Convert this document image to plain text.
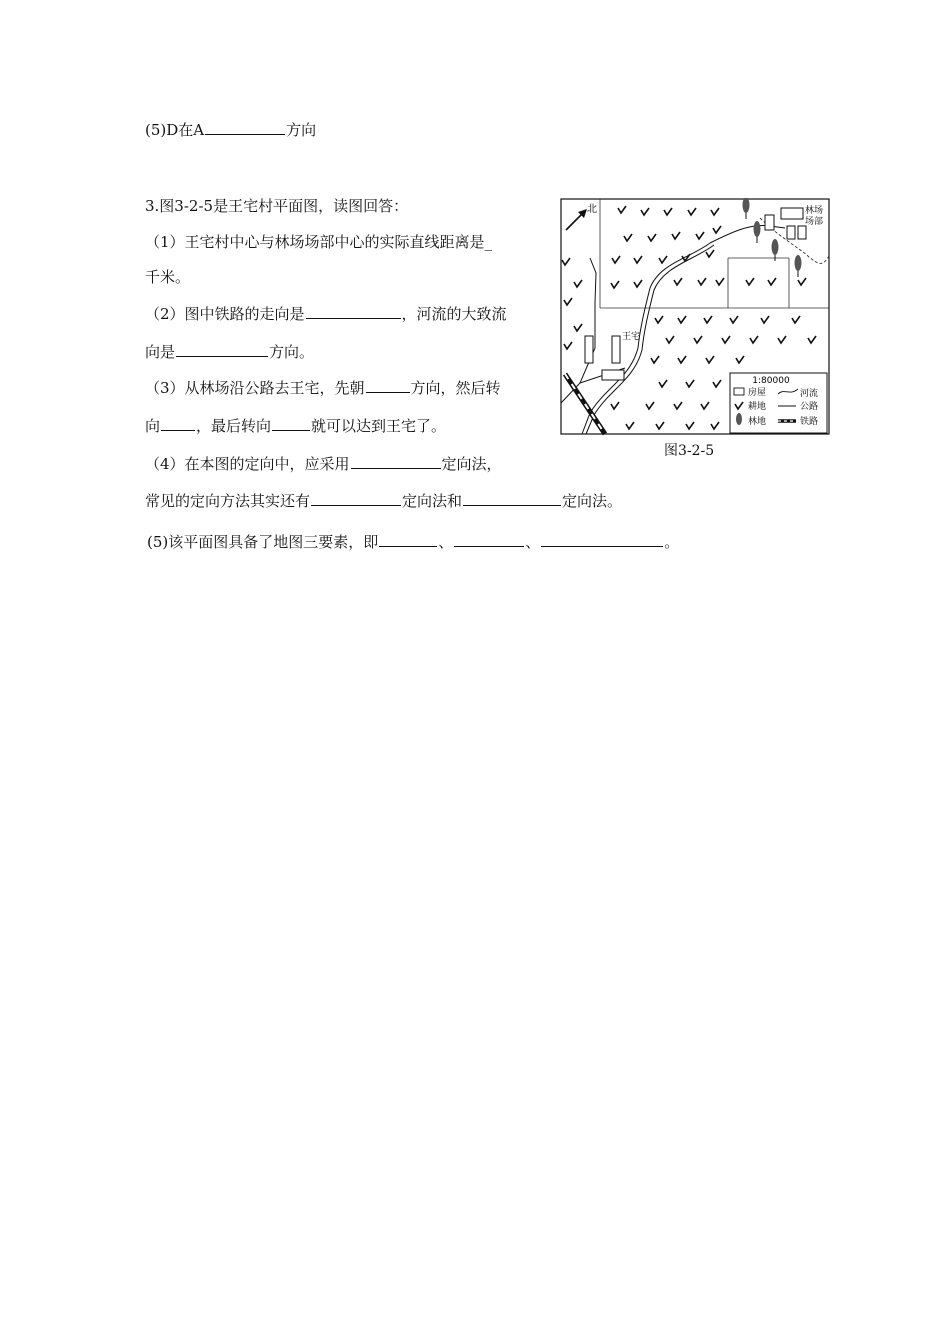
(5)D在A	方向
3.图3-2-5是王宅村平面图，读图回答：
（1）王宅村中心与林场场部中心的实际直线距离是_
千米。
（2）图中铁路的走向是	，河流的大致流
向是	方向。
（3）从林场沿公路去王宅，先朝	方向，然后转
向 ，最后转向	就可以达到王宅了。
（4）在本图的定向中，应采用	定向法，
常见的定向方法其实还有	定向法和	定向法。
(5)该平面图具备了地图三要素，即	、	、	。
北	林场
场部
王宅
1:80000
房屋	河流
耕地	公路
林地	铁路
图3-2-5
